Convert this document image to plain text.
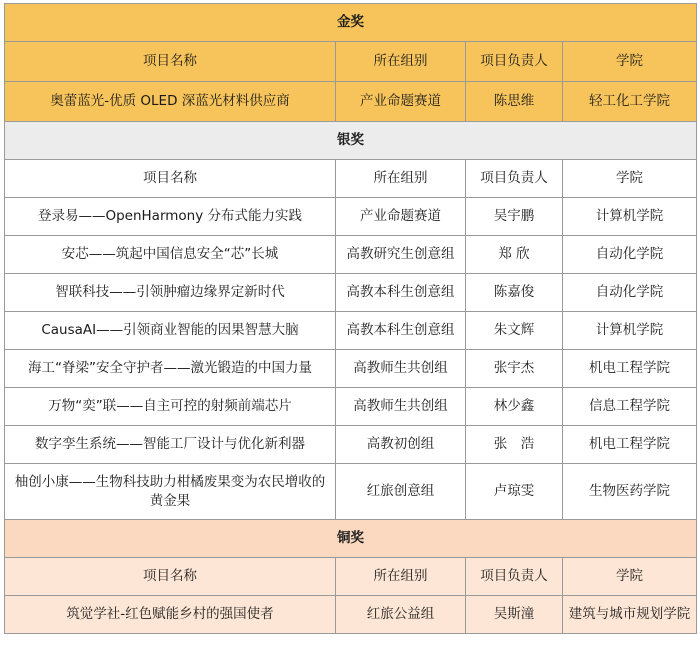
金奖			
项目名称	所在组别	项目负责人	学院
奥蕾蓝光-优质 OLED 深蓝光材料供应商	产业命题赛道	陈思维	轻工化工学院
银奖			
项目名称	所在组别	项目负责人	学院
登录易——OpenHarmony 分布式能力实践	产业命题赛道	吴宇鹏	计算机学院
安芯——筑起中国信息安全“芯”长城	高教研究生创意组	郑 欣	自动化学院
智联科技——引领肿瘤边缘界定新时代	高教本科生创意组	陈嘉俊	自动化学院
CausaAI——引领商业智能的因果智慧大脑	高教本科生创意组	朱文辉	计算机学院
海工“脊梁”安全守护者——激光锻造的中国力量	高教师生共创组	张宇杰	机电工程学院
万物“奕”联——自主可控的射频前端芯片	高教师生共创组	林少鑫	信息工程学院
数字孪生系统——智能工厂设计与优化新利器	高教初创组	张　浩	机电工程学院
柚创小康——生物科技助力柑橘废果变为农民增收的黄金果	红旅创意组	卢琼雯	生物医药学院
铜奖			
项目名称	所在组别	项目负责人	学院
筑觉学社-红色赋能乡村的强国使者	红旅公益组	吴斯潼	建筑与城市规划学院
